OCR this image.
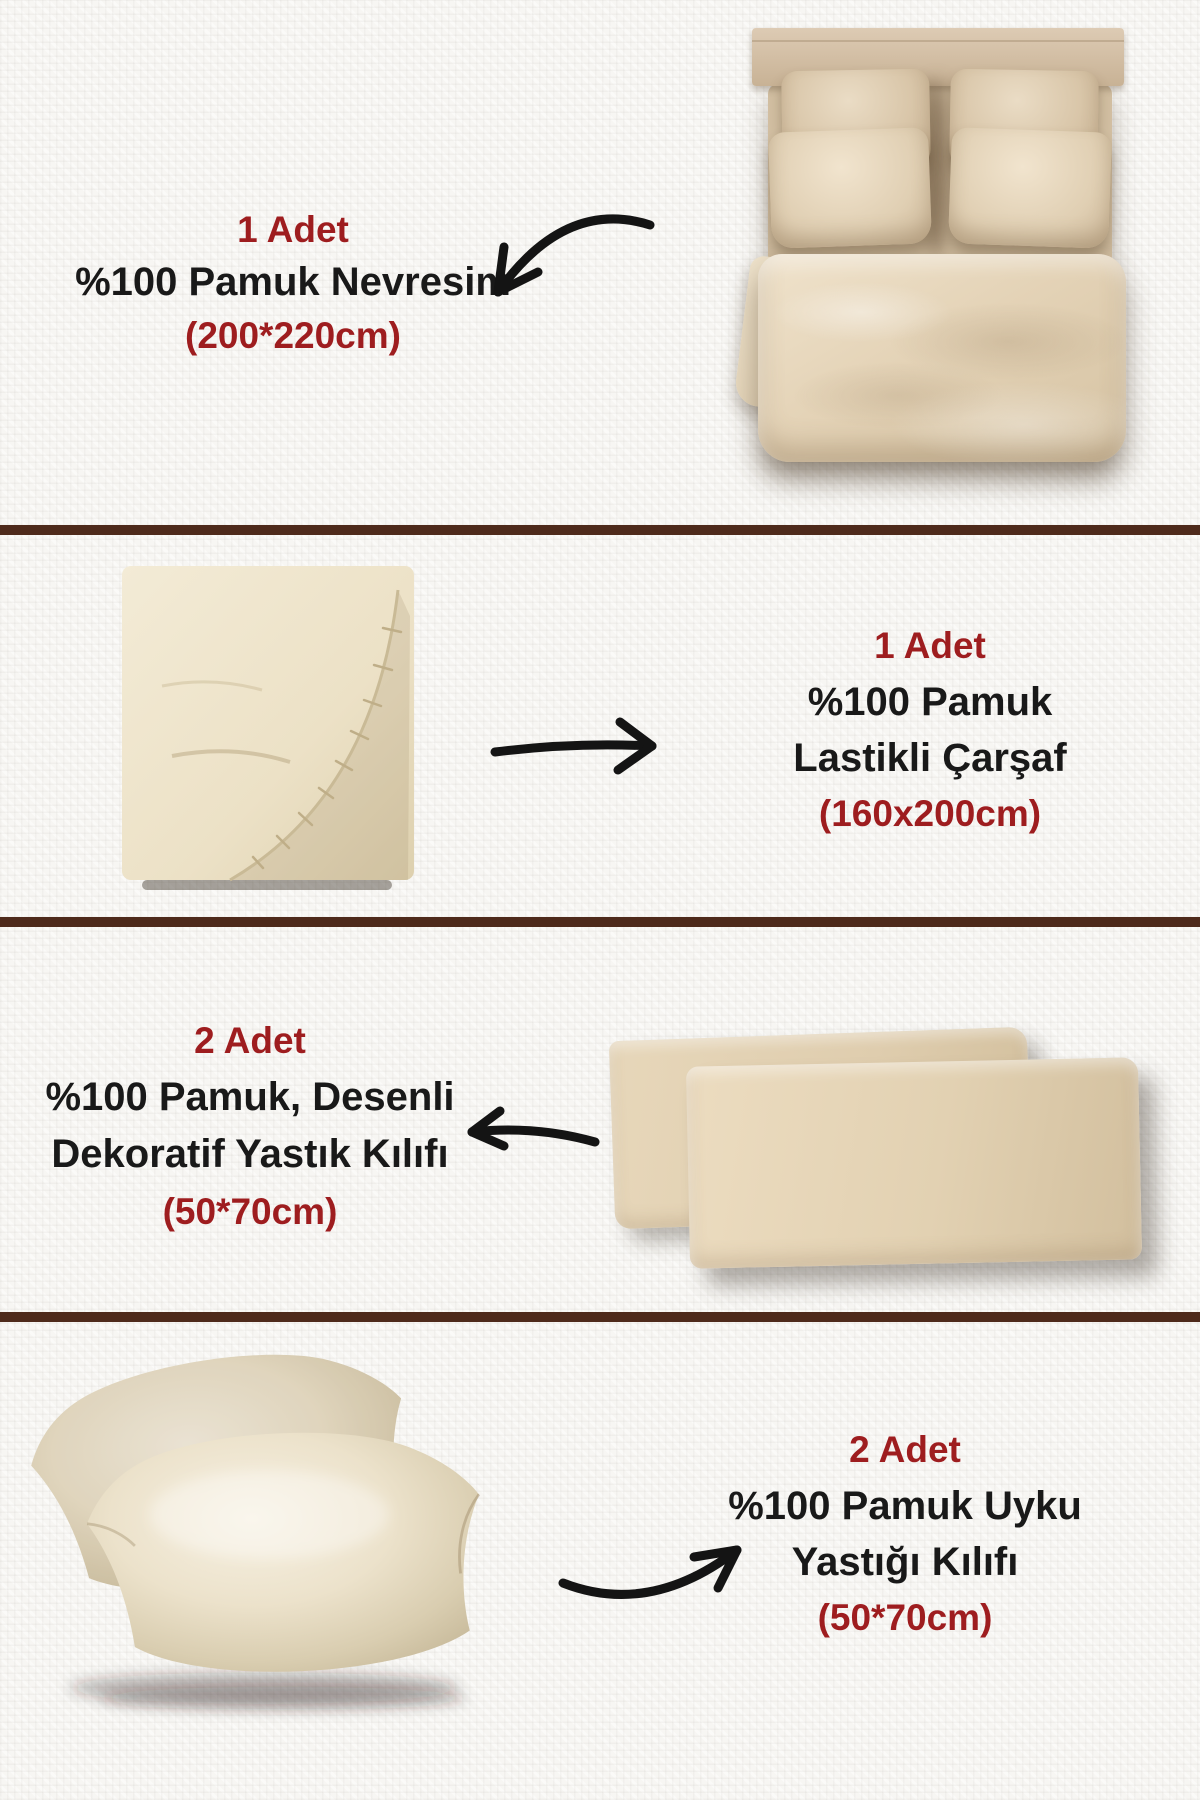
1 Adet
%100 Pamuk Nevresim
(200*220cm)
1 Adet
%100 Pamuk
Lastikli Çarşaf
(160x200cm)
2 Adet
%100 Pamuk, Desenli
Dekoratif Yastık Kılıfı
(50*70cm)
2 Adet
%100 Pamuk Uyku
Yastığı Kılıfı
(50*70cm)
